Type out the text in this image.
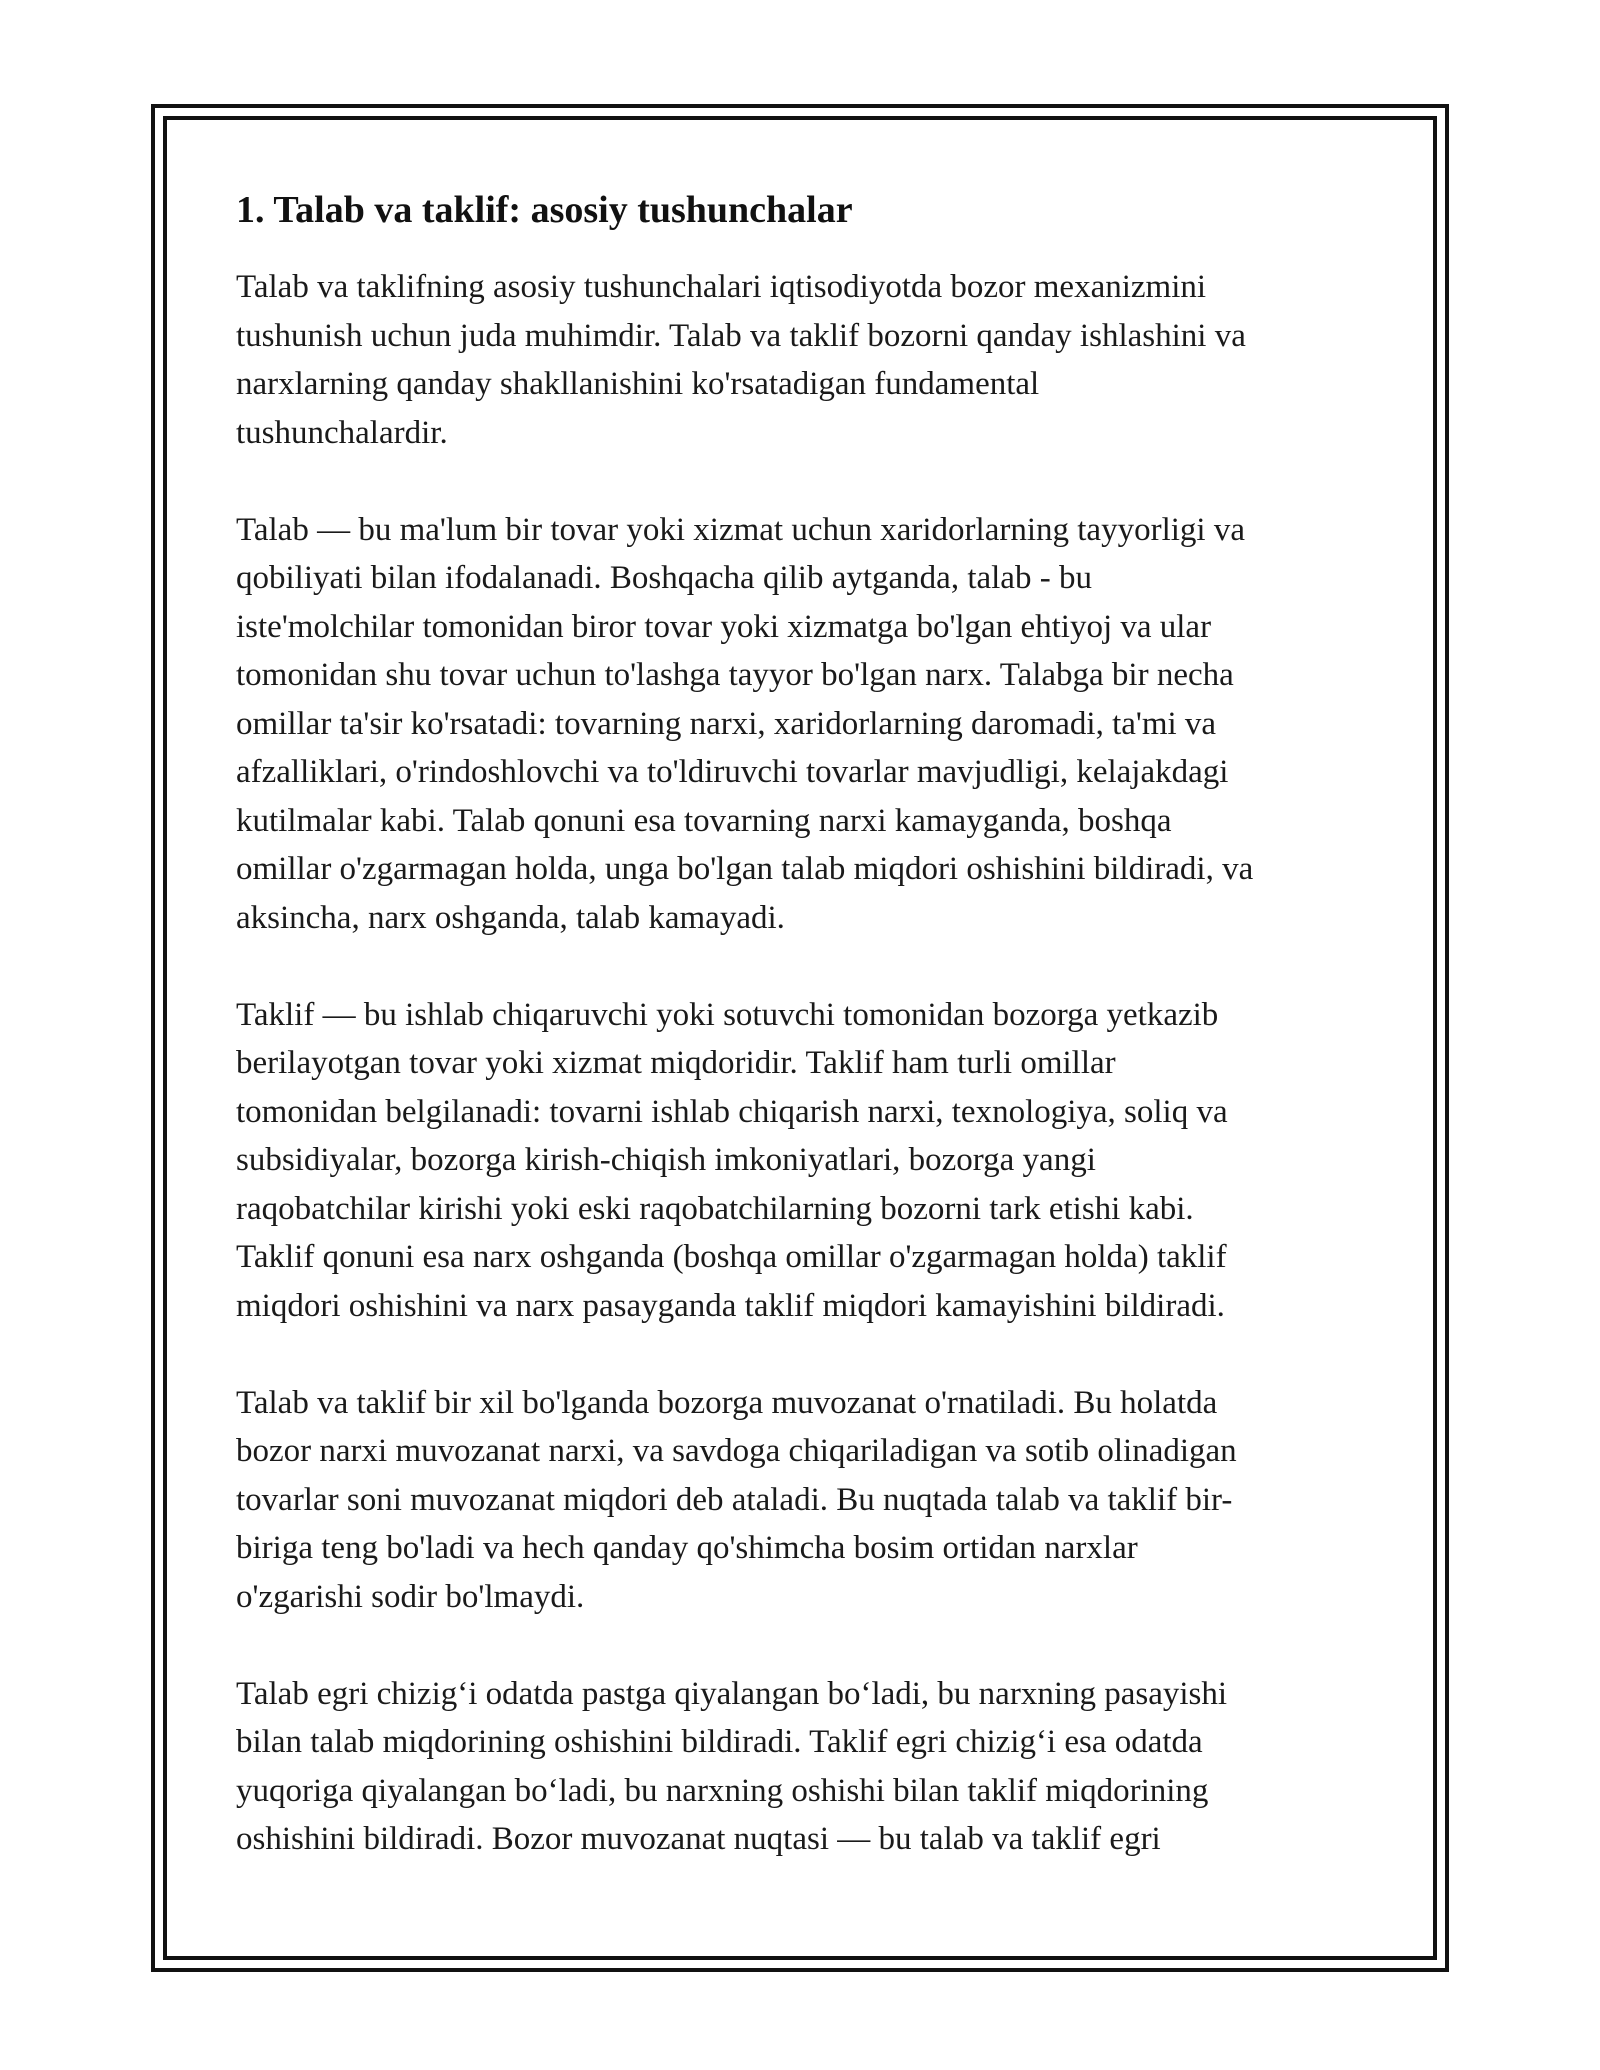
1. Talab va taklif: asosiy tushunchalar

Talab va taklifning asosiy tushunchalari iqtisodiyotda bozor mexanizmini
tushunish uchun juda muhimdir. Talab va taklif bozorni qanday ishlashini va
narxlarning qanday shakllanishini ko'rsatadigan fundamental
tushunchalardir.

Talab — bu ma'lum bir tovar yoki xizmat uchun xaridorlarning tayyorligi va
qobiliyati bilan ifodalanadi. Boshqacha qilib aytganda, talab - bu
iste'molchilar tomonidan biror tovar yoki xizmatga bo'lgan ehtiyoj va ular
tomonidan shu tovar uchun to'lashga tayyor bo'lgan narx. Talabga bir necha
omillar ta'sir ko'rsatadi: tovarning narxi, xaridorlarning daromadi, ta'mi va
afzalliklari, o'rindoshlovchi va to'ldiruvchi tovarlar mavjudligi, kelajakdagi
kutilmalar kabi. Talab qonuni esa tovarning narxi kamayganda, boshqa
omillar o'zgarmagan holda, unga bo'lgan talab miqdori oshishini bildiradi, va
aksincha, narx oshganda, talab kamayadi.

Taklif — bu ishlab chiqaruvchi yoki sotuvchi tomonidan bozorga yetkazib
berilayotgan tovar yoki xizmat miqdoridir. Taklif ham turli omillar
tomonidan belgilanadi: tovarni ishlab chiqarish narxi, texnologiya, soliq va
subsidiyalar, bozorga kirish-chiqish imkoniyatlari, bozorga yangi
raqobatchilar kirishi yoki eski raqobatchilarning bozorni tark etishi kabi.
Taklif qonuni esa narx oshganda (boshqa omillar o'zgarmagan holda) taklif
miqdori oshishini va narx pasayganda taklif miqdori kamayishini bildiradi.

Talab va taklif bir xil bo'lganda bozorga muvozanat o'rnatiladi. Bu holatda
bozor narxi muvozanat narxi, va savdoga chiqariladigan va sotib olinadigan
tovarlar soni muvozanat miqdori deb ataladi. Bu nuqtada talab va taklif bir-
biriga teng bo'ladi va hech qanday qo'shimcha bosim ortidan narxlar
o'zgarishi sodir bo'lmaydi.

Talab egri chizig‘i odatda pastga qiyalangan bo‘ladi, bu narxning pasayishi
bilan talab miqdorining oshishini bildiradi. Taklif egri chizig‘i esa odatda
yuqoriga qiyalangan bo‘ladi, bu narxning oshishi bilan taklif miqdorining
oshishini bildiradi. Bozor muvozanat nuqtasi — bu talab va taklif egri
